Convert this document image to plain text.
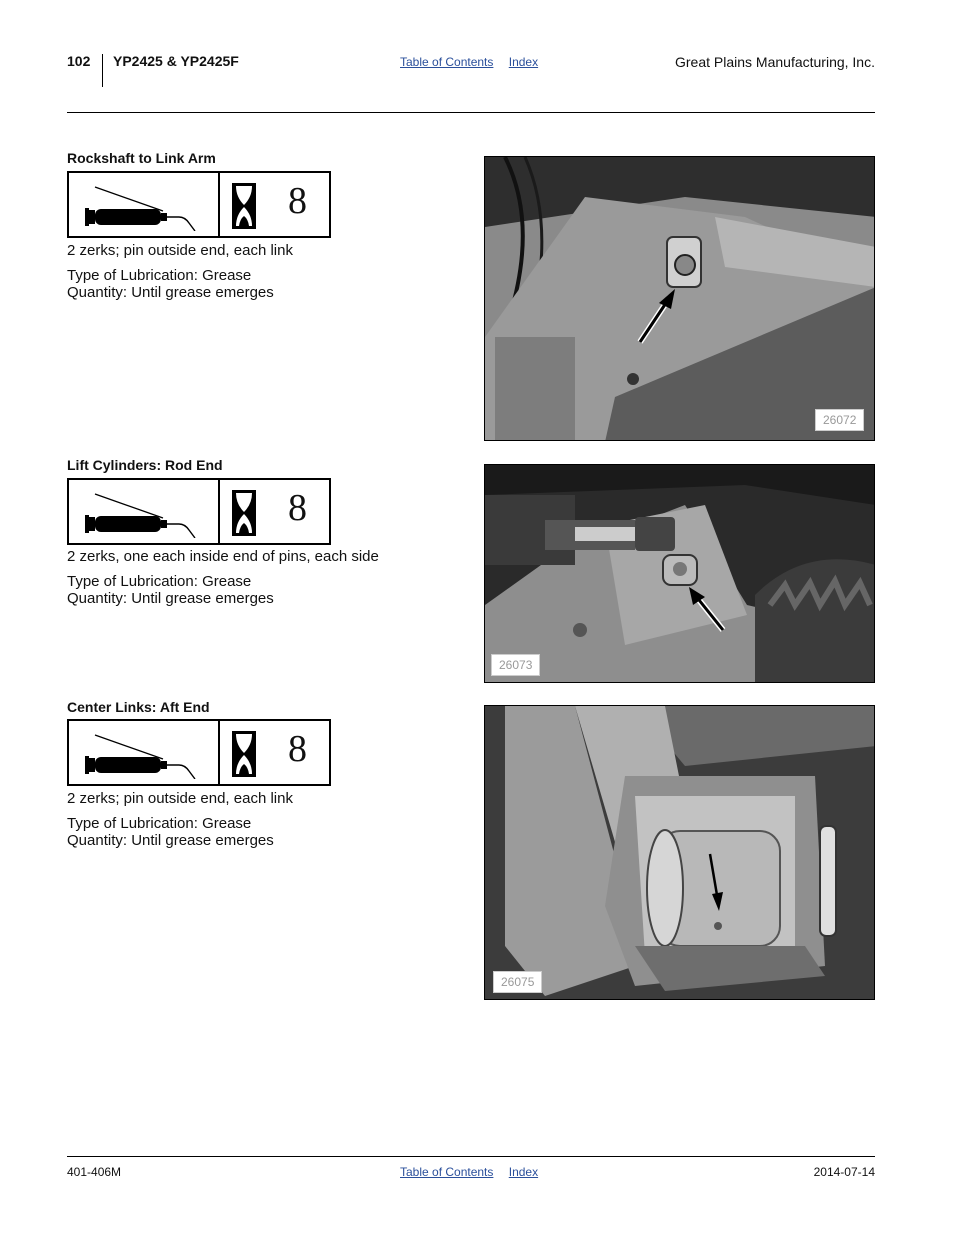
102 YP2425 & YP2425F	Table of Contents Index	Great Plains Manufacturing, Inc.
Rockshaft to Link Arm
8
2 zerks; pin outside end, each link
Type of Lubrication: Grease
Quantity: Until grease emerges
26072
Lift Cylinders: Rod End
8
2 zerks, one each inside end of pins, each side
Type of Lubrication: Grease
Quantity: Until grease emerges
26073
Center Links: Aft End
8
2 zerks; pin outside end, each link
Type of Lubrication: Grease
Quantity: Until grease emerges
26075
401-406M	Table of Contents Index	2014-07-14
